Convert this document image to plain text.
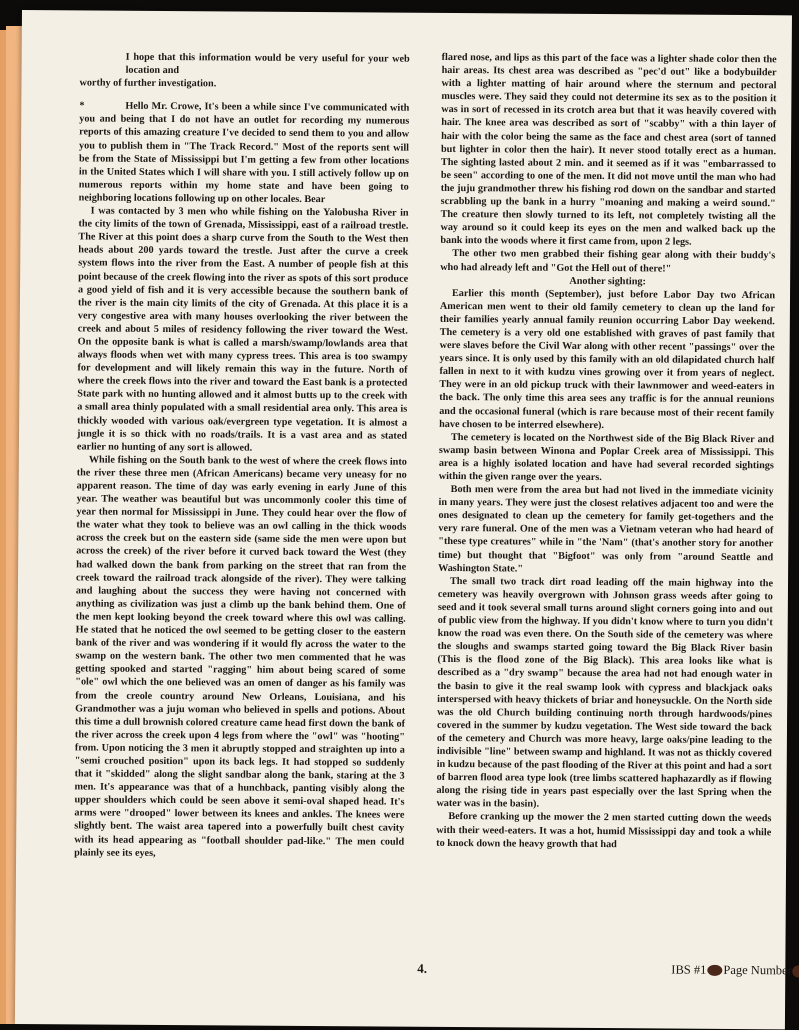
I hope that this information would be very useful for your web location and

worthy of further investigation.

*	Hello Mr. Crowe, It's been a while since I've communicated with you and being that I do not have an outlet for recording my numerous reports of this amazing creature I've decided to send them to you and allow you to publish them in "The Track Record." Most of the reports sent will be from the State of Mississippi but I'm getting a few from other locations in the United States which I will share with you. I still actively follow up on numerous reports within my home state and have been going to neighboring locations following up on other locales. Bear

I was contacted by 3 men who while fishing on the Yalobusha River in the city limits of the town of Grenada, Mississippi, east of a railroad trestle. The River at this point does a sharp curve from the South to the West then heads about 200 yards toward the trestle. Just after the curve a creek system flows into the river from the East. A number of people fish at this point because of the creek flowing into the river as spots of this sort produce a good yield of fish and it is very accessible because the southern bank of the river is the main city limits of the city of Grenada. At this place it is a very congestive area with many houses overlooking the river between the creek and about 5 miles of residency following the river toward the West. On the opposite bank is what is called a marsh/swamp/lowlands area that always floods when wet with many cypress trees. This area is too swampy for development and will likely remain this way in the future. North of where the creek flows into the river and toward the East bank is a protected State park with no hunting allowed and it almost butts up to the creek with a small area thinly populated with a small residential area only. This area is thickly wooded with various oak/evergreen type vegetation. It is almost a jungle it is so thick with no roads/trails. It is a vast area and as stated earlier no hunting of any sort is allowed.

While fishing on the South bank to the west of where the creek flows into the river these three men (African Americans) became very uneasy for no apparent reason. The time of day was early evening in early June of this year. The weather was beautiful but was uncommonly cooler this time of year then normal for Mississippi in June. They could hear over the flow of the water what they took to believe was an owl calling in the thick woods across the creek but on the eastern side (same side the men were upon but across the creek) of the river before it curved back toward the West (they had walked down the bank from parking on the street that ran from the creek toward the railroad track alongside of the river). They were talking and laughing about the success they were having not concerned with anything as civilization was just a climb up the bank behind them. One of the men kept looking beyond the creek toward where this owl was calling. He stated that he noticed the owl seemed to be getting closer to the eastern bank of the river and was wondering if it would fly across the water to the swamp on the western bank. The other two men commented that he was getting spooked and started "ragging" him about being scared of some "ole" owl which the one believed was an omen of danger as his family was from the creole country around New Orleans, Louisiana, and his Grandmother was a juju woman who believed in spells and potions. About this time a dull brownish colored creature came head first down the bank of the river across the creek upon 4 legs from where the "owl" was "hooting" from. Upon noticing the 3 men it abruptly stopped and straighten up into a "semi crouched position" upon its back legs. It had stopped so suddenly that it "skidded" along the slight sandbar along the bank, staring at the 3 men. It's appearance was that of a hunchback, panting visibly along the upper shoulders which could be seen above it semi-oval shaped head. It's arms were "drooped" lower between its knees and ankles. The knees were slightly bent. The waist area tapered into a powerfully built chest cavity with its head appearing as "football shoulder pad-like." The men could plainly see its eyes,

flared nose, and lips as this part of the face was a lighter shade color then the hair areas. Its chest area was described as "pec'd out" like a bodybuilder with a lighter matting of hair around where the sternum and pectoral muscles were. They said they could not determine its sex as to the position it was in sort of recessed in its crotch area but that it was heavily covered with hair. The knee area was described as sort of "scabby" with a thin layer of hair with the color being the same as the face and chest area (sort of tanned but lighter in color then the hair). It never stood totally erect as a human. The sighting lasted about 2 min. and it seemed as if it was "embarrassed to be seen" according to one of the men. It did not move until the man who had the juju grandmother threw his fishing rod down on the sandbar and started scrabbling up the bank in a hurry "moaning and making a weird sound." The creature then slowly turned to its left, not completely twisting all the way around so it could keep its eyes on the men and walked back up the bank into the woods where it first came from, upon 2 legs.

The other two men grabbed their fishing gear along with their buddy's who had already left and "Got the Hell out of there!"

Another sighting:

Earlier this month (September), just before Labor Day two African American men went to their old family cemetery to clean up the land for their families yearly annual family reunion occurring Labor Day weekend. The cemetery is a very old one established with graves of past family that were slaves before the Civil War along with other recent "passings" over the years since. It is only used by this family with an old dilapidated church half fallen in next to it with kudzu vines growing over it from years of neglect. They were in an old pickup truck with their lawnmower and weed-eaters in the back. The only time this area sees any traffic is for the annual reunions and the occasional funeral (which is rare because most of their recent family have chosen to be interred elsewhere).

The cemetery is located on the Northwest side of the Big Black River and swamp basin between Winona and Poplar Creek area of Mississippi. This area is a highly isolated location and have had several recorded sightings within the given range over the years.

Both men were from the area but had not lived in the immediate vicinity in many years. They were just the closest relatives adjacent too and were the ones designated to clean up the cemetery for family get-togethers and the very rare funeral. One of the men was a Vietnam veteran who had heard of "these type creatures" while in "the 'Nam" (that's another story for another time) but thought that "Bigfoot" was only from "around Seattle and Washington State."

The small two track dirt road leading off the main highway into the cemetery was heavily overgrown with Johnson grass weeds after going to seed and it took several small turns around slight corners going into and out of public view from the highway. If you didn't know where to turn you didn't know the road was even there. On the South side of the cemetery was where the sloughs and swamps started going toward the Big Black River basin (This is the flood zone of the Big Black). This area looks like what is described as a "dry swamp" because the area had not had enough water in the basin to give it the real swamp look with cypress and blackjack oaks interspersed with heavy thickets of briar and honeysuckle. On the North side was the old Church building continuing north through hardwoods/pines covered in the summer by kudzu vegetation. The West side toward the back of the cemetery and Church was more heavy, large oaks/pine leading to the indivisible "line" between swamp and highland. It was not as thickly covered in kudzu because of the past flooding of the River at this point and had a sort of barren flood area type look (tree limbs scattered haphazardly as if flowing along the rising tide in years past especially over the last Spring when the water was in the basin).

Before cranking up the mower the 2 men started cutting down the weeds with their weed-eaters. It was a hot, humid Mississippi day and took a while to knock down the heavy growth that had

4.	IBS #1 Page Number
